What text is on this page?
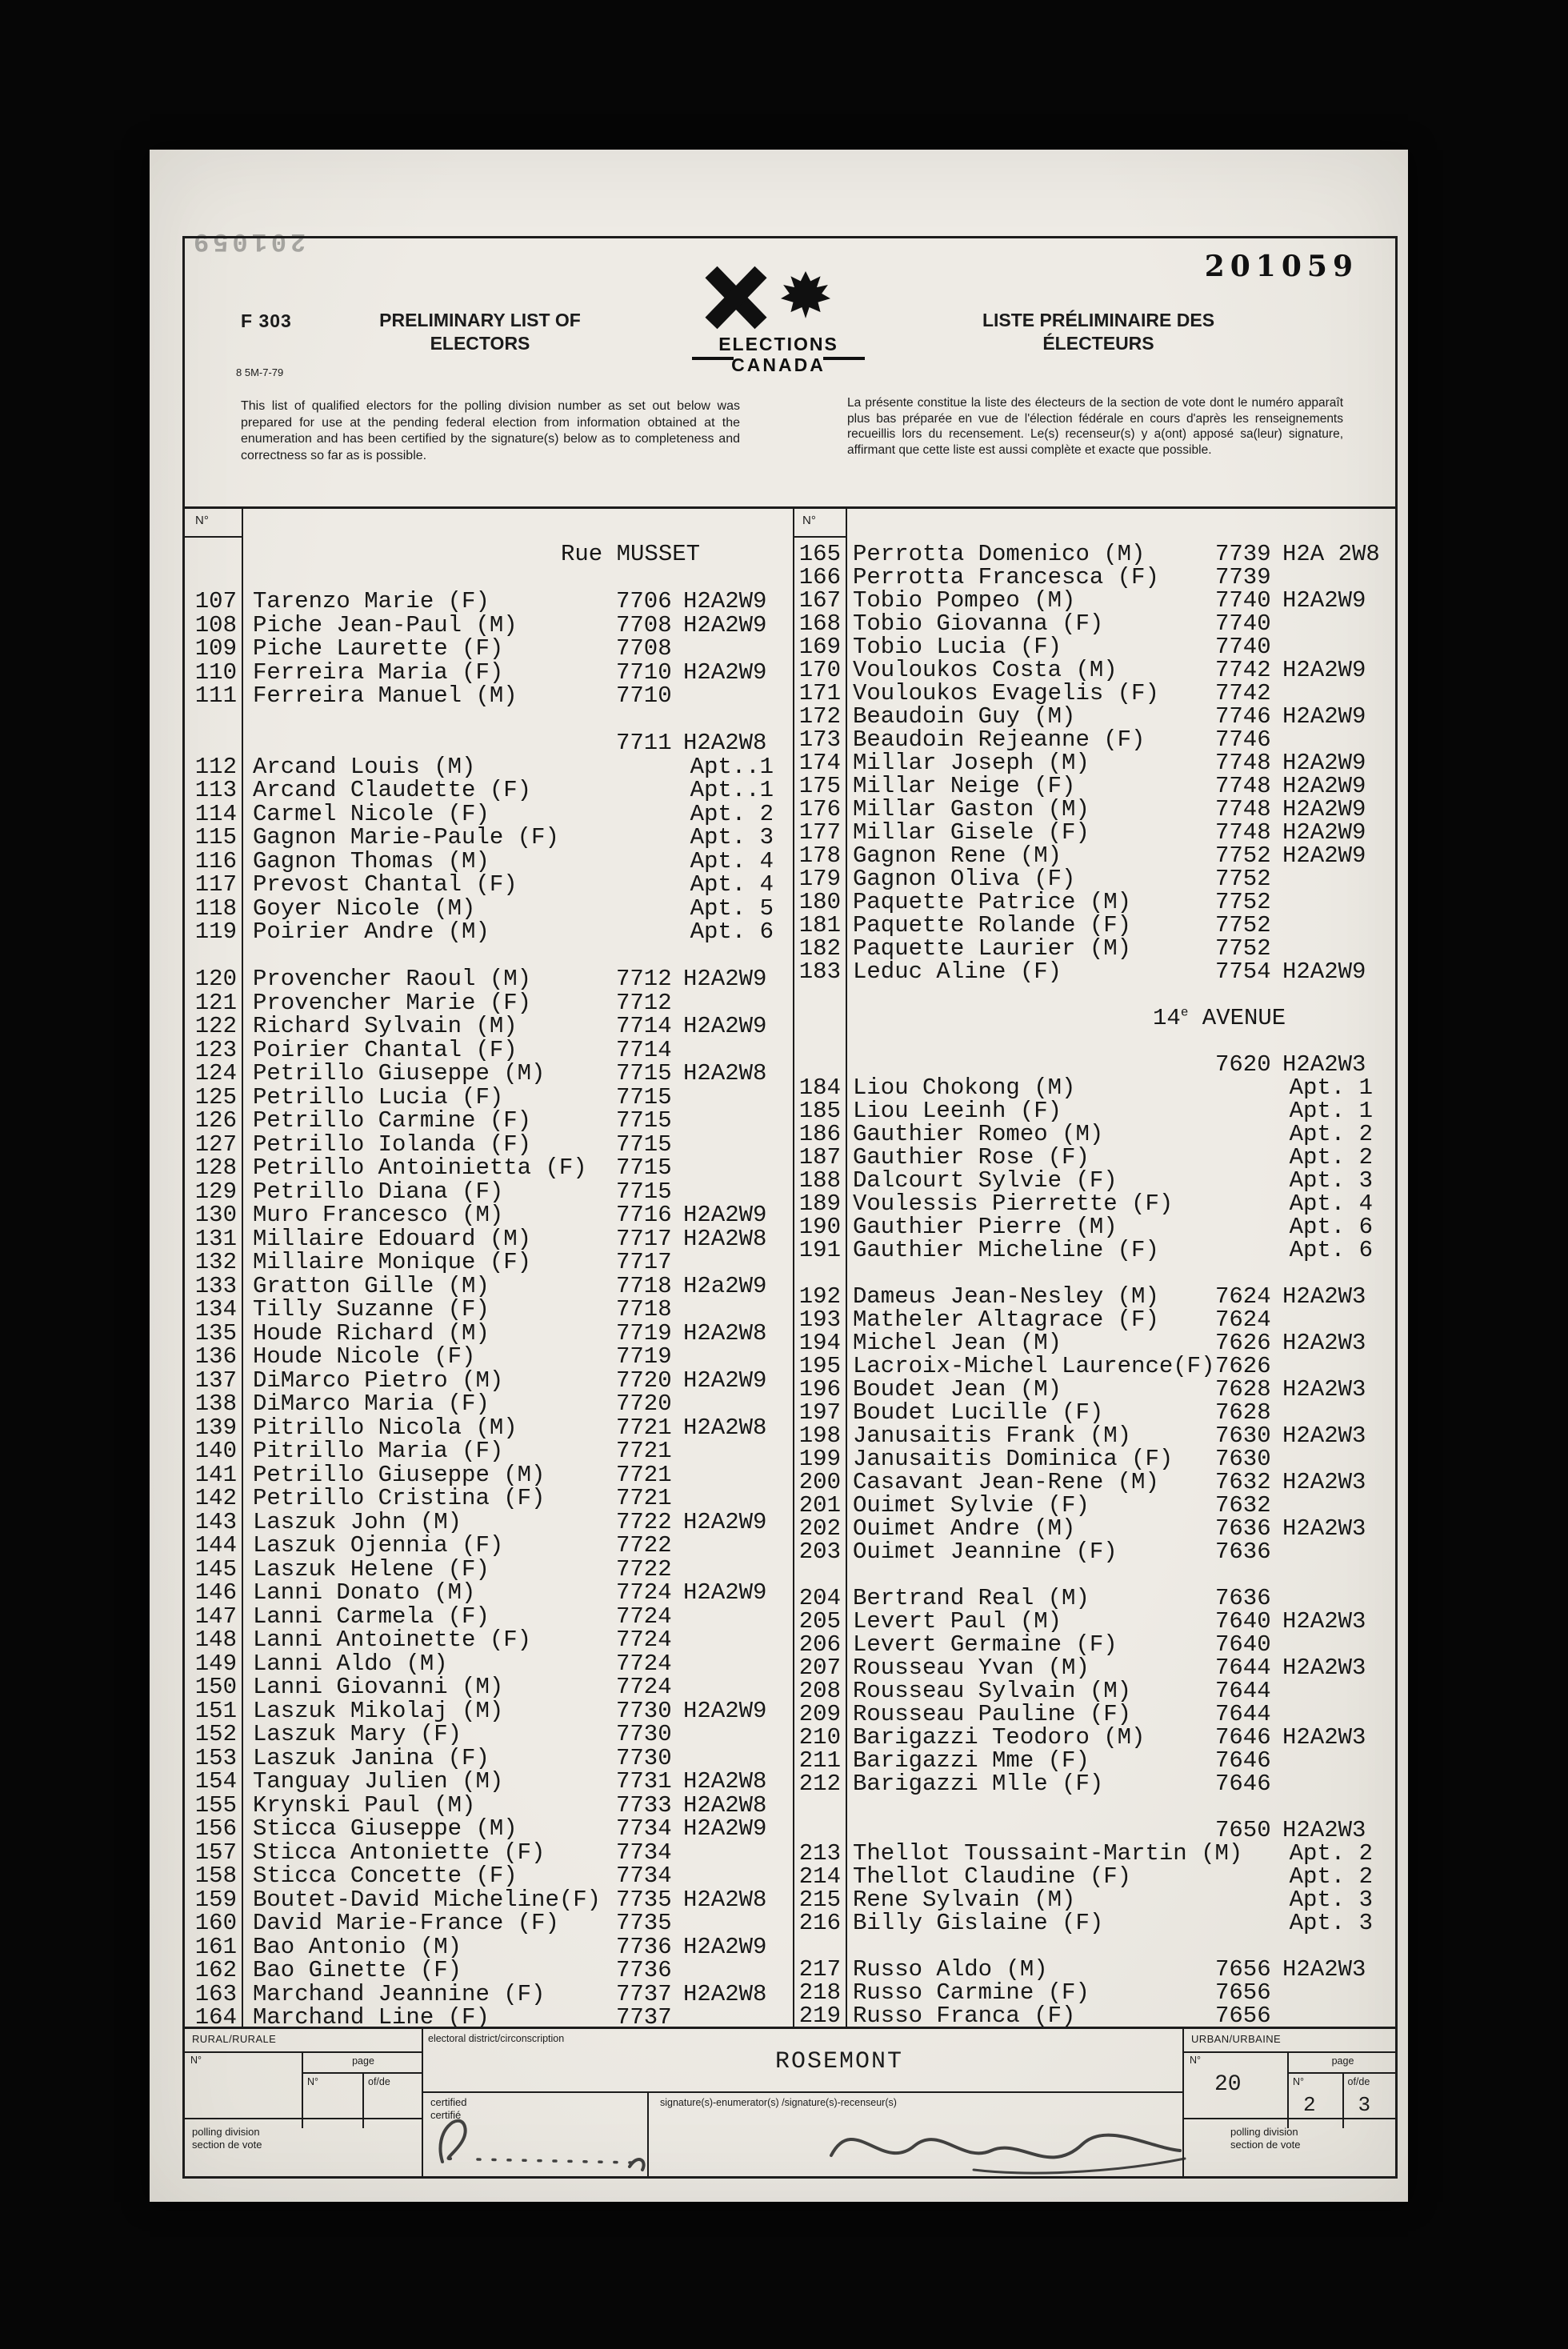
201059
201059
F 303
8 5M-7-79
PRELIMINARY LIST OF
ELECTORS
LISTE PRÉLIMINAIRE DES
ÉLECTEURS
ELECTIONS
CANADA
This list of qualified electors for the polling division number as set out below was prepared for use at the pending federal election from information obtained at the enumeration and has been certified by the signature(s) below as to completeness and correctness so far as is possible.
La présente constitue la liste des électeurs de la section de vote dont le numéro apparaît plus bas préparée en vue de l'élection fédérale en cours d'après les renseignements recueillis lors du recensement. Le(s) recenseur(s) y a(ont) apposé sa(leur) signature, affirmant que cette liste est aussi complète et exacte que possible.
N°	N°
Rue MUSSET
107 Tarenzo Marie (F)	7706 H2A2W9
108 Piche Jean-Paul (M)	7708 H2A2W9
109 Piche Laurette (F)	7708
110 Ferreira Maria (F)	7710 H2A2W9
111 Ferreira Manuel (M)	7710
7711 H2A2W8
112 Arcand Louis (M)	Apt..1
113 Arcand Claudette (F)	Apt..1
114 Carmel Nicole (F)	Apt. 2
115 Gagnon Marie-Paule (F)	Apt. 3
116 Gagnon Thomas (M)	Apt. 4
117 Prevost Chantal (F)	Apt. 4
118 Goyer Nicole (M)	Apt. 5
119 Poirier Andre (M)	Apt. 6
120 Provencher Raoul (M)	7712 H2A2W9
121 Provencher Marie (F)	7712
122 Richard Sylvain (M)	7714 H2A2W9
123 Poirier Chantal (F)	7714
124 Petrillo Giuseppe (M)	7715 H2A2W8
125 Petrillo Lucia (F)	7715
126 Petrillo Carmine (F)	7715
127 Petrillo Iolanda (F)	7715
128 Petrillo Antoinietta (F)	7715
129 Petrillo Diana (F)	7715
130 Muro Francesco (M)	7716 H2A2W9
131 Millaire Edouard (M)	7717 H2A2W8
132 Millaire Monique (F)	7717
133 Gratton Gille (M)	7718 H2a2W9
134 Tilly Suzanne (F)	7718
135 Houde Richard (M)	7719 H2A2W8
136 Houde Nicole (F)	7719
137 DiMarco Pietro (M)	7720 H2A2W9
138 DiMarco Maria (F)	7720
139 Pitrillo Nicola (M)	7721 H2A2W8
140 Pitrillo Maria (F)	7721
141 Petrillo Giuseppe (M)	7721
142 Petrillo Cristina (F)	7721
143 Laszuk John (M)	7722 H2A2W9
144 Laszuk Ojennia (F)	7722
145 Laszuk Helene (F)	7722
146 Lanni Donato (M)	7724 H2A2W9
147 Lanni Carmela (F)	7724
148 Lanni Antoinette (F)	7724
149 Lanni Aldo (M)	7724
150 Lanni Giovanni (M)	7724
151 Laszuk Mikolaj (M)	7730 H2A2W9
152 Laszuk Mary (F)	7730
153 Laszuk Janina (F)	7730
154 Tanguay Julien (M)	7731 H2A2W8
155 Krynski Paul (M)	7733 H2A2W8
156 Sticca Giuseppe (M)	7734 H2A2W9
157 Sticca Antoniette (F)	7734
158 Sticca Concette (F)	7734
159 Boutet-David Micheline(F) 7735 H2A2W8
160 David Marie-France (F)	7735
161 Bao Antonio (M)	7736 H2A2W9
162 Bao Ginette (F)	7736
163 Marchand Jeannine (F)	7737 H2A2W8
164 Marchand Line (F)	7737
165 Perrotta Domenico (M)	7739 H2A 2W8
166 Perrotta Francesca (F)	7739
167 Tobio Pompeo (M)	7740 H2A2W9
168 Tobio Giovanna (F)	7740
169 Tobio Lucia (F)	7740
170 Vouloukos Costa (M)	7742 H2A2W9
171 Vouloukos Evagelis (F)	7742
172 Beaudoin Guy (M)	7746 H2A2W9
173 Beaudoin Rejeanne (F)	7746
174 Millar Joseph (M)	7748 H2A2W9
175 Millar Neige (F)	7748 H2A2W9
176 Millar Gaston (M)	7748 H2A2W9
177 Millar Gisele (F)	7748 H2A2W9
178 Gagnon Rene (M)	7752 H2A2W9
179 Gagnon Oliva (F)	7752
180 Paquette Patrice (M)	7752
181 Paquette Rolande (F)	7752
182 Paquette Laurier (M)	7752
183 Leduc Aline (F)	7754 H2A2W9
14e AVENUE
7620 H2A2W3
184 Liou Chokong (M)	Apt. 1
185 Liou Leeinh (F)	Apt. 1
186 Gauthier Romeo (M)	Apt. 2
187 Gauthier Rose (F)	Apt. 2
188 Dalcourt Sylvie (F)	Apt. 3
189 Voulessis Pierrette (F)	Apt. 4
190 Gauthier Pierre (M)	Apt. 6
191 Gauthier Micheline (F)	Apt. 6
192 Dameus Jean-Nesley (M)	7624 H2A2W3
193 Matheler Altagrace (F)	7624
194 Michel Jean (M)	7626 H2A2W3
195 Lacroix-Michel Laurence(F) 7626
196 Boudet Jean (M)	7628 H2A2W3
197 Boudet Lucille (F)	7628
198 Janusaitis Frank (M)	7630 H2A2W3
199 Janusaitis Dominica (F)	7630
200 Casavant Jean-Rene (M)	7632 H2A2W3
201 Ouimet Sylvie (F)	7632
202 Ouimet Andre (M)	7636 H2A2W3
203 Ouimet Jeannine (F)	7636
204 Bertrand Real (M)	7636
205 Levert Paul (M)	7640 H2A2W3
206 Levert Germaine (F)	7640
207 Rousseau Yvan (M)	7644 H2A2W3
208 Rousseau Sylvain (M)	7644
209 Rousseau Pauline (F)	7644
210 Barigazzi Teodoro (M)	7646 H2A2W3
211 Barigazzi Mme (F)	7646
212 Barigazzi Mlle (F)	7646
7650 H2A2W3
213 Thellot Toussaint-Martin (M)	Apt. 2
214 Thellot Claudine (F)	Apt. 2
215 Rene Sylvain (M)	Apt. 3
216 Billy Gislaine (F)	Apt. 3
217 Russo Aldo (M)	7656 H2A2W3
218 Russo Carmine (F)	7656
219 Russo Franca (F)	7656
RURAL/RURALE
N°	page
N°	of/de
polling division
section de vote
electoral district/circonscription
ROSEMONT
certified
certifié
signature(s)-enumerator(s) /signature(s)-recenseur(s)
URBAN/URBAINE
N°
20
page
N°
2
of/de
3
polling division
section de vote
